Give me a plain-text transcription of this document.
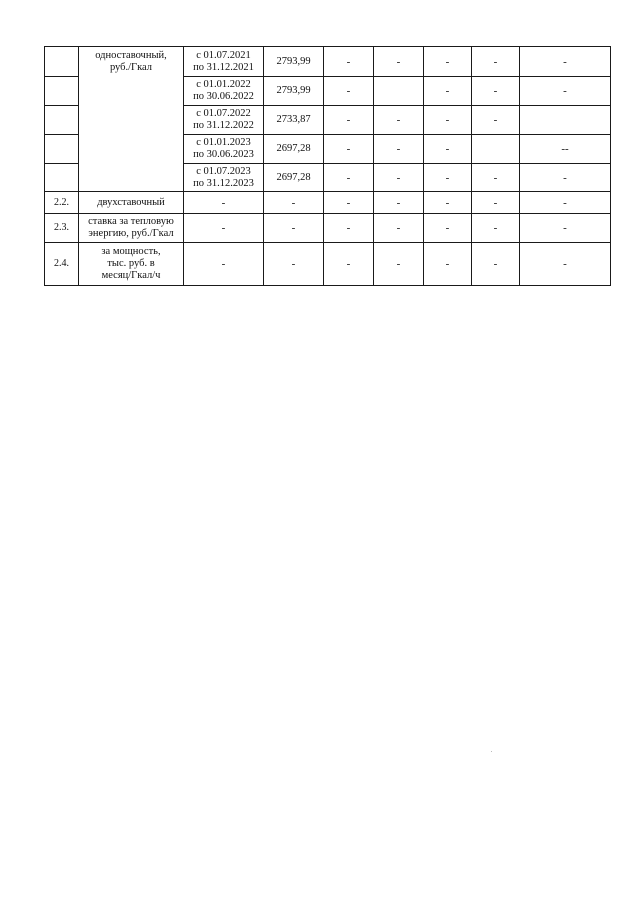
	одноставочный,
руб./Гкал	с 01.07.2021
по 31.12.2021	2793,99	-	-	-	-	-

		с 01.01.2022
по 30.06.2022	2793,99	-		-	-	-

		с 01.07.2022
по 31.12.2022	2733,87	-	-	-	-	

		с 01.01.2023
по 30.06.2023	2697,28	-	-	-		--

		с 01.07.2023
по 31.12.2023	2697,28	-	-	-	-	-
2.2.	двухставочный	-	-	-	-	-	-	-
2.3.	ставка за тепловую
энергию, руб./Гкал	-	-	-	-	-	-	-
2.4.	за мощность,
тыс. руб. в
месяц/Гкал/ч	-	-	-	-	-	-	-
